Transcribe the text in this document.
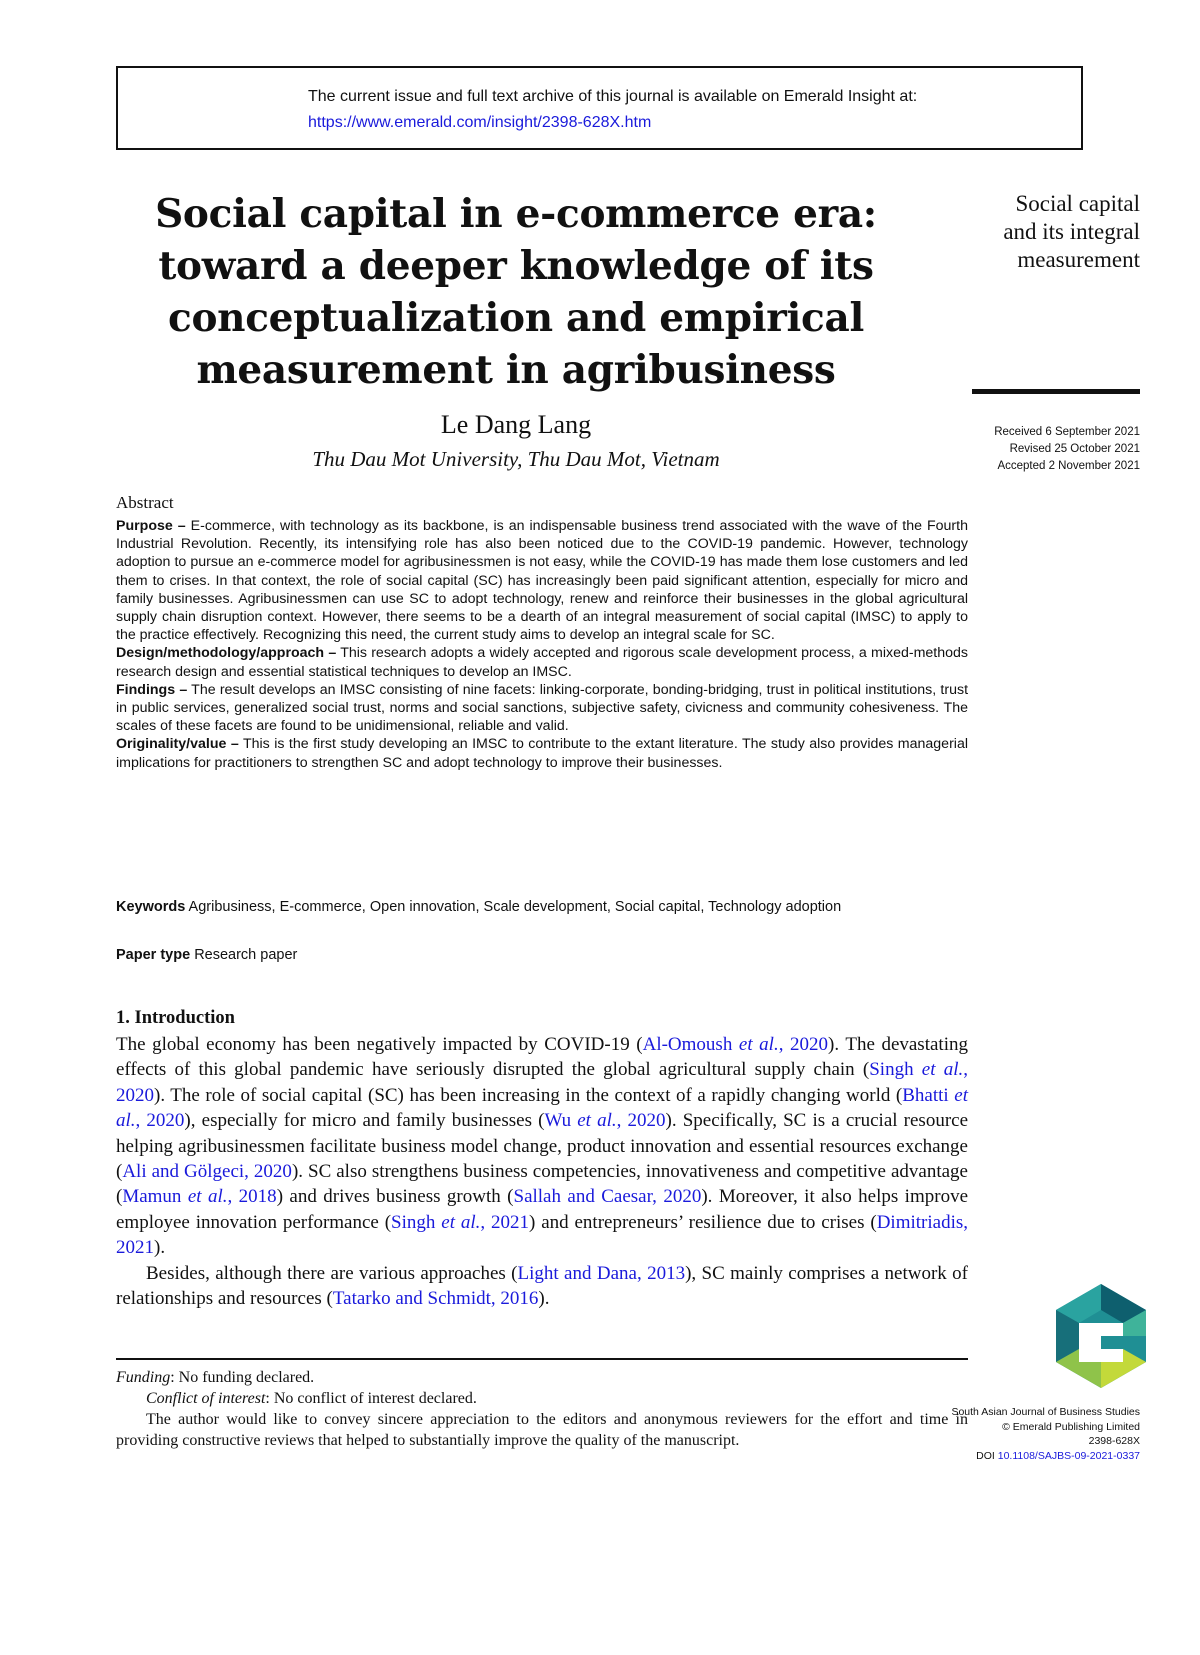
The current issue and full text archive of this journal is available on Emerald Insight at:
https://www.emerald.com/insight/2398-628X.htm
Social capital in e-commerce era:
toward a deeper knowledge of its
conceptualization and empirical
measurement in agribusiness
Le Dang Lang
Thu Dau Mot University, Thu Dau Mot, Vietnam
Social capital
and its integral
measurement
Received 6 September 2021
Revised 25 October 2021
Accepted 2 November 2021
Abstract

Purpose – E-commerce, with technology as its backbone, is an indispensable business trend associated with the wave of the Fourth Industrial Revolution. Recently, its intensifying role has also been noticed due to the COVID-19 pandemic. However, technology adoption to pursue an e-commerce model for agribusinessmen is not easy, while the COVID-19 has made them lose customers and led them to crises. In that context, the role of social capital (SC) has increasingly been paid significant attention, especially for micro and family businesses. Agribusinessmen can use SC to adopt technology, renew and reinforce their businesses in the global agricultural supply chain disruption context. However, there seems to be a dearth of an integral measurement of social capital (IMSC) to apply to the practice effectively. Recognizing this need, the current study aims to develop an integral scale for SC.

Design/methodology/approach – This research adopts a widely accepted and rigorous scale development process, a mixed-methods research design and essential statistical techniques to develop an IMSC.

Findings – The result develops an IMSC consisting of nine facets: linking-corporate, bonding-bridging, trust in political institutions, trust in public services, generalized social trust, norms and social sanctions, subjective safety, civicness and community cohesiveness. The scales of these facets are found to be unidimensional, reliable and valid.

Originality/value – This is the first study developing an IMSC to contribute to the extant literature. The study also provides managerial implications for practitioners to strengthen SC and adopt technology to improve their businesses.

Keywords Agribusiness, E-commerce, Open innovation, Scale development, Social capital, Technology adoption
Paper type Research paper
1. Introduction

The global economy has been negatively impacted by COVID-19 (Al-Omoush et al., 2020). The devastating effects of this global pandemic have seriously disrupted the global agricultural supply chain (Singh et al., 2020). The role of social capital (SC) has been increasing in the context of a rapidly changing world (Bhatti et al., 2020), especially for micro and family businesses (Wu et al., 2020). Specifically, SC is a crucial resource helping agribusinessmen facilitate business model change, product innovation and essential resources exchange (Ali and Gölgeci, 2020). SC also strengthens business competencies, innovativeness and competitive advantage (Mamun et al., 2018) and drives business growth (Sallah and Caesar, 2020). Moreover, it also helps improve employee innovation performance (Singh et al., 2021) and entrepreneurs’ resilience due to crises (Dimitriadis, 2021).

Besides, although there are various approaches (Light and Dana, 2013), SC mainly comprises a network of relationships and resources (Tatarko and Schmidt, 2016).

Funding: No funding declared.

Conflict of interest: No conflict of interest declared.

The author would like to convey sincere appreciation to the editors and anonymous reviewers for the effort and time in providing constructive reviews that helped to substantially improve the quality of the manuscript.

South Asian Journal of Business Studies
© Emerald Publishing Limited
2398-628X
DOI 10.1108/SAJBS-09-2021-0337
